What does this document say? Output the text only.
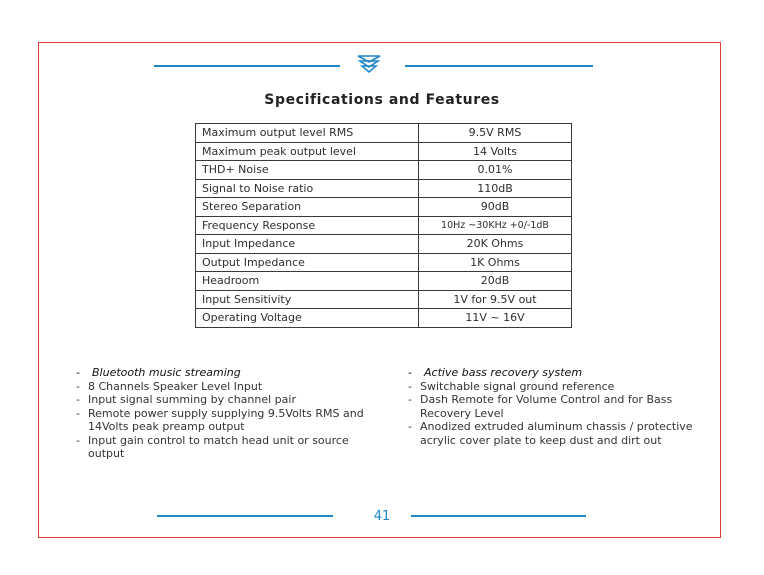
Specifications and Features
Maximum output level RMS	9.5V RMS
Maximum peak output level	14 Volts
THD+ Noise	0.01%
Signal to Noise ratio	110dB
Stereo Separation	90dB
Frequency Response	10Hz ~30KHz +0/-1dB
Input Impedance	20K Ohms
Output Impedance	1K Ohms
Headroom	20dB
Input Sensitivity	1V for 9.5V out
Operating Voltage	11V ~ 16V
- Bluetooth music streaming
- 8 Channels Speaker Level Input
- Input signal summing by channel pair
- Remote power supply supplying 9.5Volts RMS and 14Volts peak preamp output
- Input gain control to match head unit or source output
- Active bass recovery system
- Switchable signal ground reference
- Dash Remote for Volume Control and for Bass Recovery Level
- Anodized extruded aluminum chassis / protective acrylic cover plate to keep dust and dirt out
41
